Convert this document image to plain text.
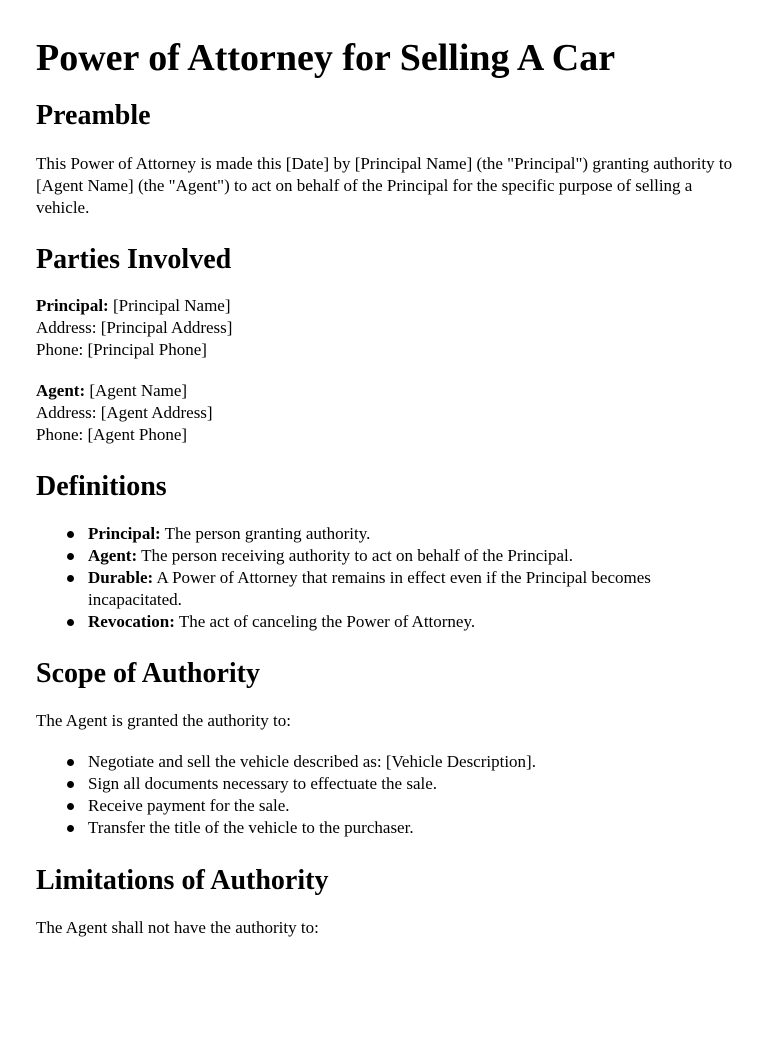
Power of Attorney for Selling A Car
Preamble

This Power of Attorney is made this [Date] by [Principal Name] (the "Principal") granting authority to [Agent Name] (the "Agent") to act on behalf of the Principal for the specific purpose of selling a vehicle.

Parties Involved
Principal: [Principal Name]
Address: [Principal Address]
Phone: [Principal Phone]
Agent: [Agent Name]
Address: [Agent Address]
Phone: [Agent Phone]
Definitions
Principal: The person granting authority.
Agent: The person receiving authority to act on behalf of the Principal.
Durable: A Power of Attorney that remains in effect even if the Principal becomes incapacitated.
Revocation: The act of canceling the Power of Attorney.
Scope of Authority

The Agent is granted the authority to:

Negotiate and sell the vehicle described as: [Vehicle Description].
Sign all documents necessary to effectuate the sale.
Receive payment for the sale.
Transfer the title of the vehicle to the purchaser.
Limitations of Authority

The Agent shall not have the authority to:
